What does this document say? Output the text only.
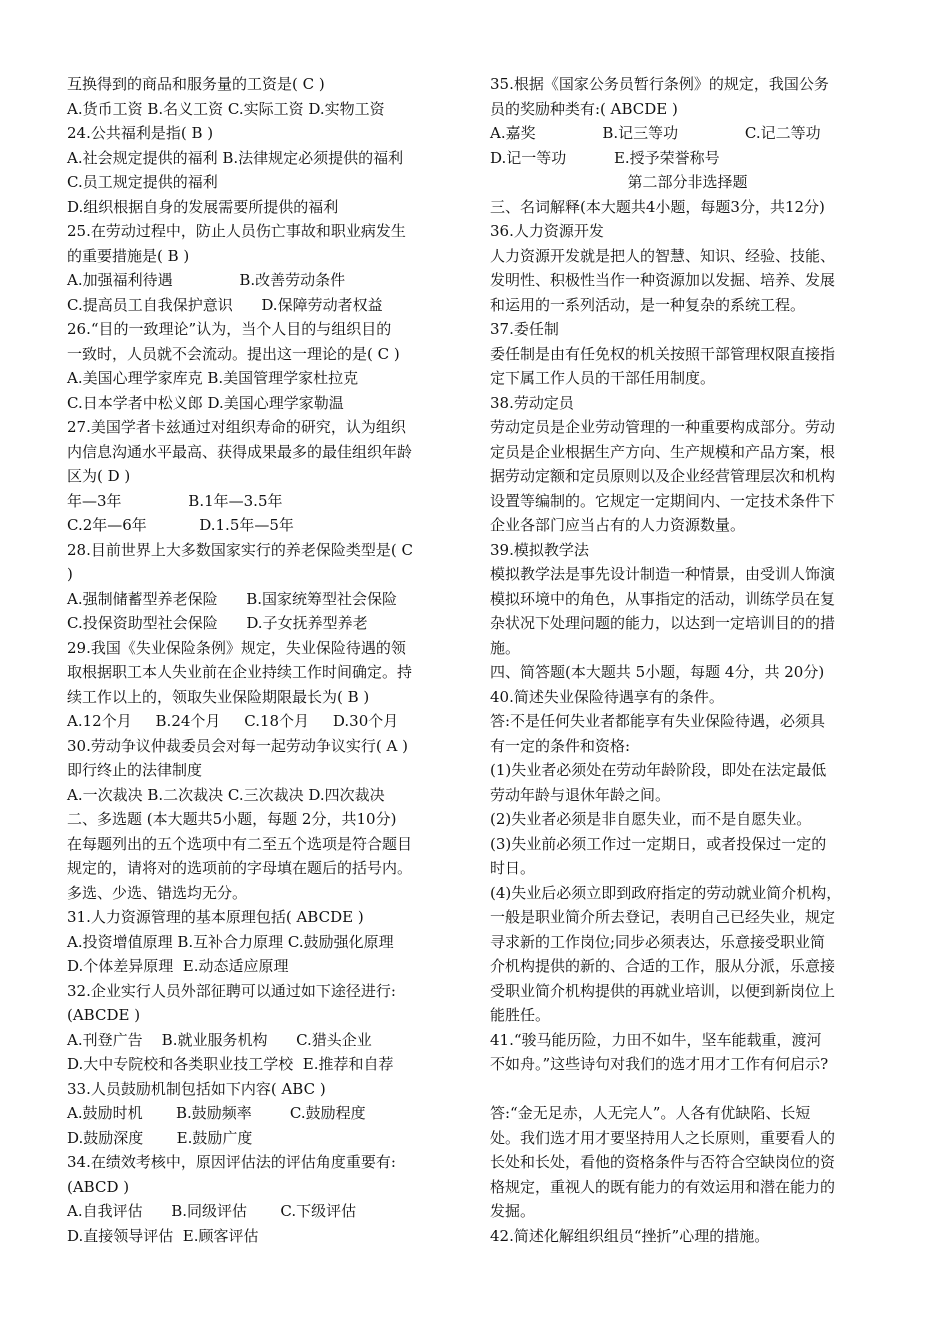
互换得到的商品和服务量的工资是( C )
A.货币工资 B.名义工资 C.实际工资 D.实物工资
24.公共福利是指( B )
A.社会规定提供的福利 B.法律规定必须提供的福利
C.员工规定提供的福利
D.组织根据自身的发展需要所提供的福利
25.在劳动过程中，防止人员伤亡事故和职业病发生
的重要措施是( B )
A.加强福利待遇              B.改善劳动条件
C.提高员工自我保护意识      D.保障劳动者权益
26.“目的一致理论”认为，当个人目的与组织目的
一致时，人员就不会流动。提出这一理论的是( C )
A.美国心理学家库克 B.美国管理学家杜拉克
C.日本学者中松义郎 D.美国心理学家勒温
27.美国学者卡兹通过对组织寿命的研究，认为组织
内信息沟通水平最高、获得成果最多的最佳组织年龄
区为( D )
年—3年              B.1年—3.5年
C.2年—6年           D.1.5年—5年
28.目前世界上大多数国家实行的养老保险类型是( C
)
A.强制储蓄型养老保险      B.国家统筹型社会保险
C.投保资助型社会保险      D.子女抚养型养老
29.我国《失业保险条例》规定，失业保险待遇的领
取根据职工本人失业前在企业持续工作时间确定。持
续工作以上的，领取失业保险期限最长为( B )
A.12个月     B.24个月     C.18个月     D.30个月
30.劳动争议仲裁委员会对每一起劳动争议实行( A )
即行终止的法律制度
A.一次裁决 B.二次裁决 C.三次裁决 D.四次裁决
二、多选题 (本大题共5小题，每题 2分，共10分)
在每题列出的五个选项中有二至五个选项是符合题目
规定的，请将对的选项前的字母填在题后的括号内。
多选、少选、错选均无分。
31.人力资源管理的基本原理包括( ABCDE )
A.投资增值原理 B.互补合力原理 C.鼓励强化原理
D.个体差异原理  E.动态适应原理
32.企业实行人员外部征聘可以通过如下途径进行:
(ABCDE )
A.刊登广告    B.就业服务机构      C.猎头企业
D.大中专院校和各类职业技工学校  E.推荐和自荐
33.人员鼓励机制包括如下内容( ABC )
A.鼓励时机       B.鼓励频率        C.鼓励程度
D.鼓励深度       E.鼓励广度
34.在绩效考核中，原因评估法的评估角度重要有:
(ABCD )
A.自我评估      B.同级评估       C.下级评估
D.直接领导评估  E.顾客评估
35.根据《国家公务员暂行条例》的规定，我国公务
员的奖励种类有:( ABCDE )
A.嘉奖              B.记三等功              C.记二等功
D.记一等功          E.授予荣誉称号
第二部分非选择题
三、名词解释(本大题共4小题，每题3分，共12分)
36.人力资源开发
人力资源开发就是把人的智慧、知识、经验、技能、
发明性、积极性当作一种资源加以发掘、培养、发展
和运用的一系列活动，是一种复杂的系统工程。
37.委任制
委任制是由有任免权的机关按照干部管理权限直接指
定下属工作人员的干部任用制度。
38.劳动定员
劳动定员是企业劳动管理的一种重要构成部分。劳动
定员是企业根据生产方向、生产规模和产品方案，根
据劳动定额和定员原则以及企业经营管理层次和机构
设置等编制的。它规定一定期间内、一定技术条件下
企业各部门应当占有的人力资源数量。
39.模拟教学法
模拟教学法是事先设计制造一种情景，由受训人饰演
模拟环境中的角色，从事指定的活动，训练学员在复
杂状况下处理问题的能力，以达到一定培训目的的措
施。
四、简答题(本大题共 5小题，每题 4分，共 20分)
40.简述失业保险待遇享有的条件。
答:不是任何失业者都能享有失业保险待遇，必须具
有一定的条件和资格:
(1)失业者必须处在劳动年龄阶段，即处在法定最低
劳动年龄与退休年龄之间。
(2)失业者必须是非自愿失业，而不是自愿失业。
(3)失业前必须工作过一定期日，或者投保过一定的
时日。
(4)失业后必须立即到政府指定的劳动就业简介机构，
一般是职业简介所去登记，表明自己已经失业，规定
寻求新的工作岗位;同步必须表达，乐意接受职业简
介机构提供的新的、合适的工作，服从分派，乐意接
受职业简介机构提供的再就业培训，以便到新岗位上
能胜任。
41.“骏马能历险，力田不如牛，坚车能载重，渡河
不如舟。”这些诗句对我们的选才用才工作有何启示?
答:“金无足赤，人无完人”。人各有优缺陷、长短
处。我们选才用才要坚持用人之长原则，重要看人的
长处和长处，看他的资格条件与否符合空缺岗位的资
格规定，重视人的既有能力的有效运用和潜在能力的
发掘。
42.简述化解组织组员“挫折”心理的措施。
